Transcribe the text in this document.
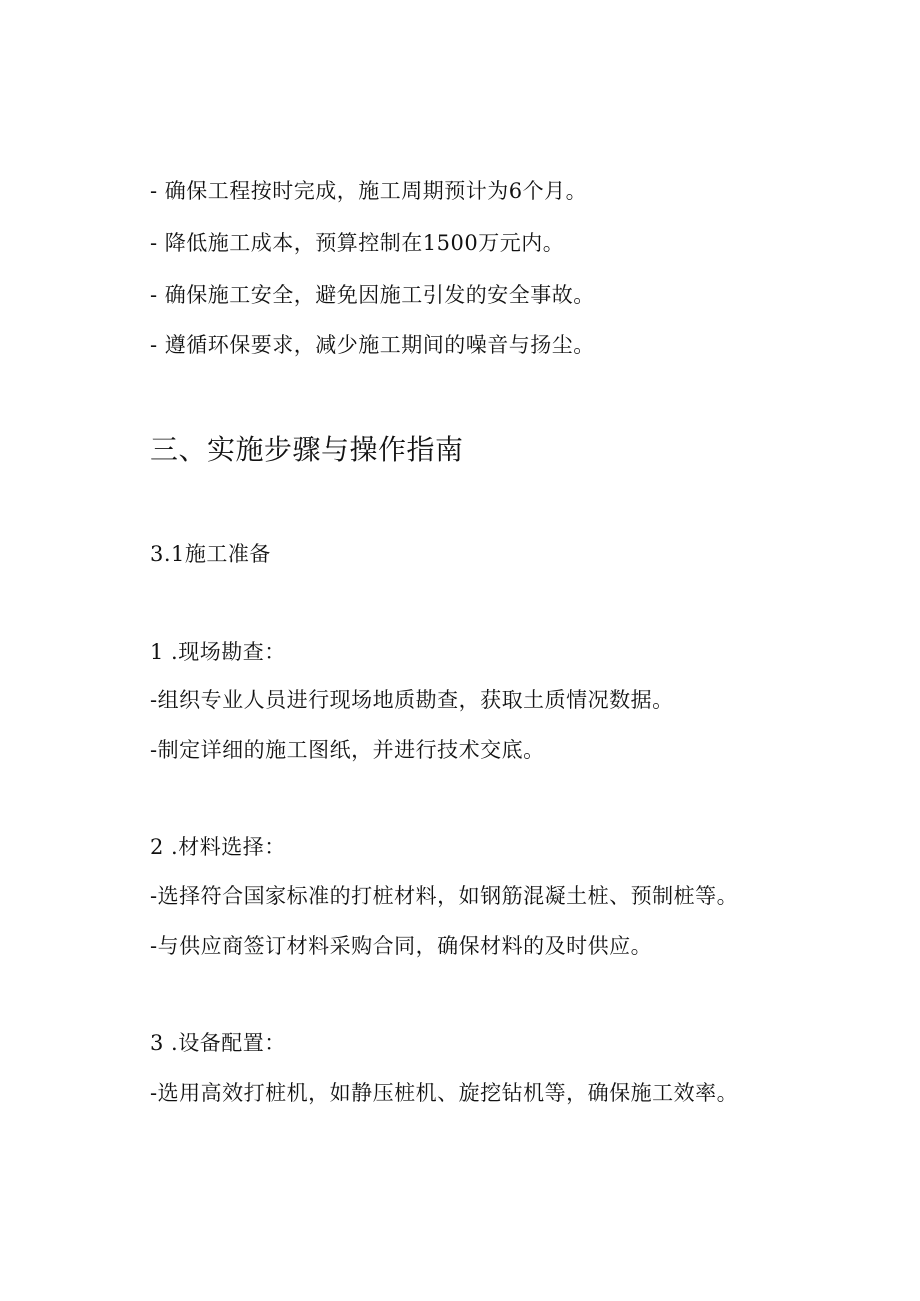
- 确保工程按时完成，施工周期预计为6个月。
- 降低施工成本，预算控制在1500万元内。
- 确保施工安全，避免因施工引发的安全事故。
- 遵循环保要求，减少施工期间的噪音与扬尘。
三、实施步骤与操作指南
3.1施工准备
1 .现场勘查：
-组织专业人员进行现场地质勘查，获取土质情况数据。
-制定详细的施工图纸，并进行技术交底。
2 .材料选择：
-选择符合国家标准的打桩材料，如钢筋混凝土桩、预制桩等。
-与供应商签订材料采购合同，确保材料的及时供应。
3 .设备配置：
-选用高效打桩机，如静压桩机、旋挖钻机等，确保施工效率。
